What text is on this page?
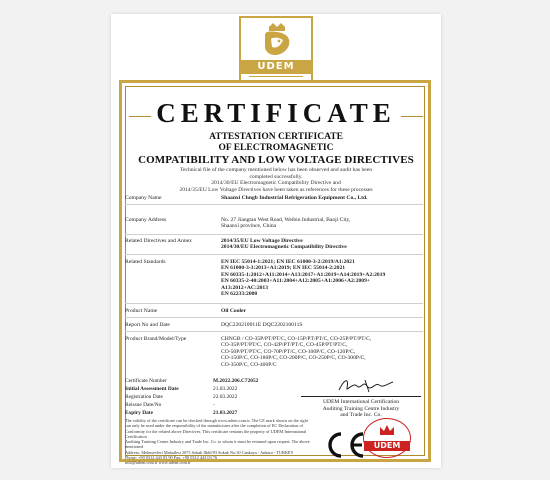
UDEM
CERTIFICATE
ATTESTATION CERTIFICATE
OF ELECTROMAGNETIC
COMPATIBILITY AND LOW VOLTAGE DIRECTIVES
Technical file of the company mentioned below has been observed and audit has been
completed successfully.
2014/30/EU Electromagnetic Compatibility Directive and
2014/35/EU Low Voltage Directives have been taken as references for these processes
Company Name	Shaanxi Chngb Industrial Refrigeration Equipment Co., Ltd.
Company Address	No. 27 Jiangtan West Road, Weibin Industrial, Baoji City,
Shaanxi province, China
Related Directives and Annex	2014/35/EU Low Voltage Directive
2014/30/EU Electromagnetic Compatibility Directive
Related Standards	EN IEC 55014-1:2021; EN IEC 61000-3-2:2019/A1:2021
EN 61000-3-3:2013+A1:2019; EN IEC 55014-2:2021
EN 60335-1:2012+A11:2014+A13:2017+A1:2019+A14:2019+A2:2019
EN 60335-2-40:2003+A11:2004+A12:2005+A1:2006+A2:2009+
A13:2012+AC:2013
EN 62233:2008
Product Name	Oil Cooler
Report No and Date	DQC220210011E DQC220210011S
Product Brand/Model/Type	CHNGB / CO-35P/PT/PT/C, CO-15P/PT/PT/C, CO-25P/PT/PT/C,
CO-35P/PT/PT/C, CO-42P/PT/PT/C, CO-45P/PT/PT/C,
CO-50P/PT/PT/C, CO-70P/PT/C, CO-100P/C, CO-120P/C,
CO-150P/C, CO-180P/C, CO-200P/C, CO-250P/C, CO-300P/C,
CO-350P/C, CO-400P/C
Certificate Number	M.2022.206.C72052
Initial Assessment Date	21.03.2022
Registration Date	22.03.2022
Reissue Date/No	-
Expiry Date	21.03.2027
UDEM International Certification
Auditing Training Centre Industry
and Trade Inc. Co.
UDEM
The validity of the certificate can be checked through www.udem.com.tr. The CE mark shown on the right
can only be used under the responsibility of the manufacturer after the completion of EC Declaration of
Conformity for the related above Directives. This certificate remains the property of UDEM International Certification
Auditing Training Centre Industry and Trade Inc. Co. to whom it must be returned upon request. The above mentioned
Address: Mebusevleri Mahallesi 2073 Sokak Ilkbl/93 Sokak No:30 Cankaya - Ankara - TURKEY
Phone: +90 0312 443 03 90 Fax: +90 0312 443 03 76
info@udem.com.tr www.udem.com.tr
